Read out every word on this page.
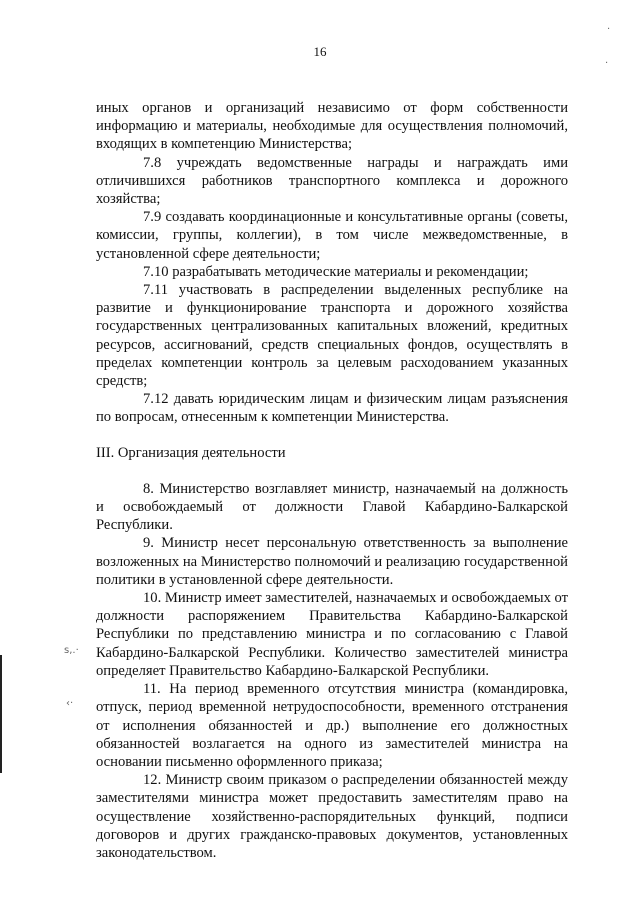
16

иных органов и организаций независимо от форм собственности информацию и материалы, необходимые для осуществления полномочий, входящих в компетенцию Министерства;

7.8 учреждать ведомственные награды и награждать ими отличившихся работников транспортного комплекса и дорожного хозяйства;

7.9 создавать координационные и консультативные органы (советы, комиссии, группы, коллегии), в том числе межведомственные, в установленной сфере деятельности;

7.10 разрабатывать методические материалы и рекомендации;

7.11 участвовать в распределении выделенных республике на развитие и функционирование транспорта и дорожного хозяйства государственных централизованных капитальных вложений, кредитных ресурсов, ассигнований, средств специальных фондов, осуществлять в пределах компетенции контроль за целевым расходованием указанных средств;

7.12 давать юридическим лицам и физическим лицам разъяснения по вопросам, отнесенным к компетенции Министерства.

III. Организация деятельности

8. Министерство возглавляет министр, назначаемый на должность и освобождаемый от должности Главой Кабардино-Балкарской Республики.

9. Министр несет персональную ответственность за выполнение возложенных на Министерство полномочий и реализацию государственной политики в установленной сфере деятельности.

10. Министр имеет заместителей, назначаемых и освобождаемых от должности распоряжением Правительства Кабардино-Балкарской Республики по представлению министра и по согласованию с Главой Кабардино-Балкарской Республики. Количество заместителей министра определяет Правительство Кабардино-Балкарской Республики.

11. На период временного отсутствия министра (командировка, отпуск, период временной нетрудоспособности, временного отстранения от исполнения обязанностей и др.) выполнение его должностных обязанностей возлагается на одного из заместителей министра на основании письменно оформленного приказа;

12. Министр своим приказом о распределении обязанностей между заместителями министра может предоставить заместителям право на осуществление хозяйственно-распорядительных функций, подписи договоров и других гражданско-правовых документов, установленных законодательством.

·
·
ѕ,.·
‹·
